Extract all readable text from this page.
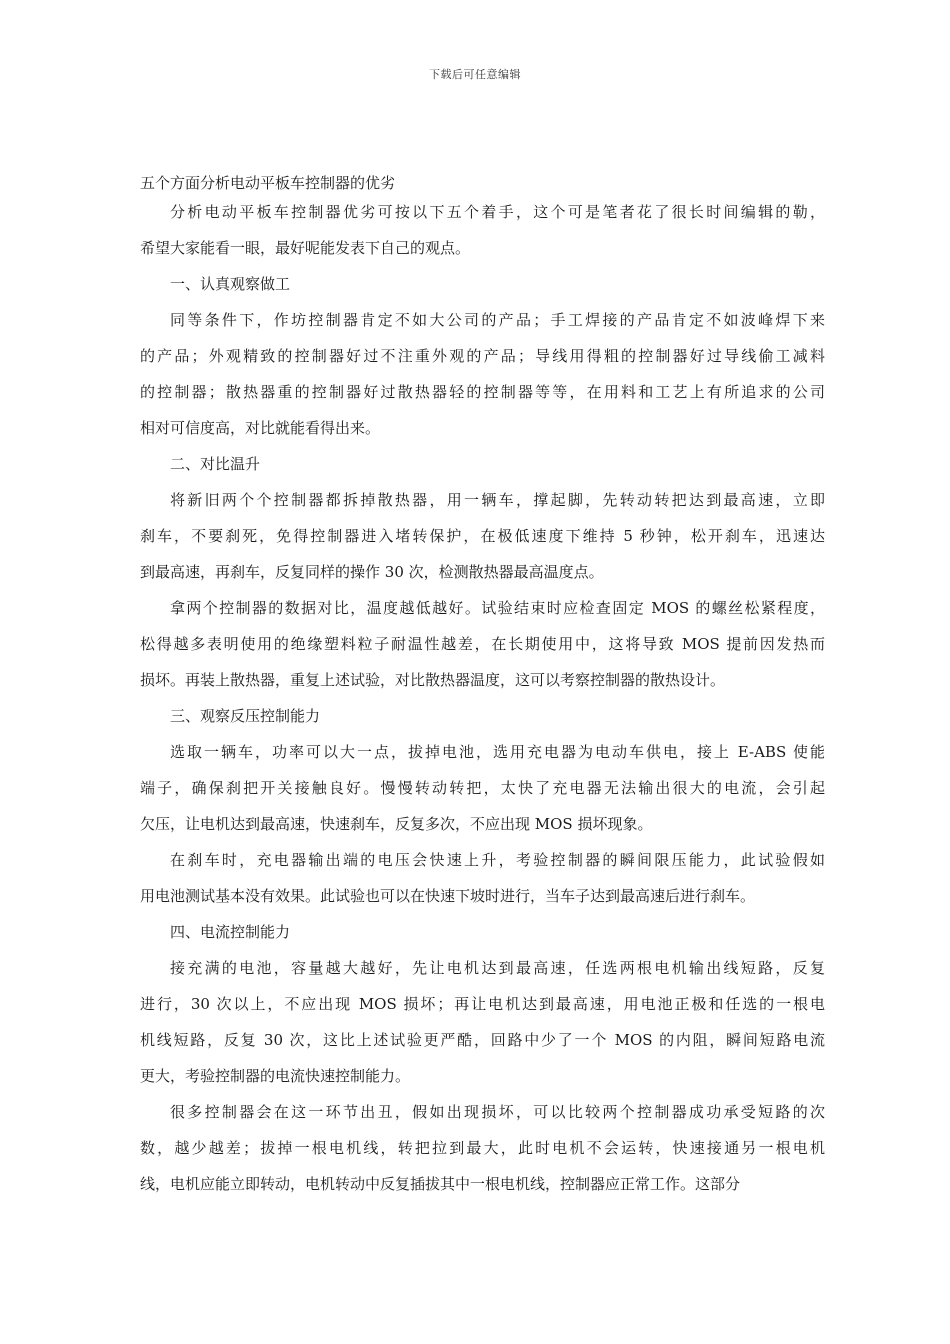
下载后可任意编辑
五个方面分析电动平板车控制器的优劣
分析电动平板车控制器优劣可按以下五个着手，这个可是笔者花了很长时间编辑的勒，
希望大家能看一眼，最好呢能发表下自己的观点。
一、认真观察做工
同等条件下，作坊控制器肯定不如大公司的产品；手工焊接的产品肯定不如波峰焊下来
的产品；外观精致的控制器好过不注重外观的产品；导线用得粗的控制器好过导线偷工减料
的控制器；散热器重的控制器好过散热器轻的控制器等等，在用料和工艺上有所追求的公司
相对可信度高，对比就能看得出来。
二、对比温升
将新旧两个个控制器都拆掉散热器，用一辆车，撑起脚，先转动转把达到最高速，立即
刹车，不要刹死，免得控制器进入堵转保护，在极低速度下维持 5 秒钟，松开刹车，迅速达
到最高速，再刹车，反复同样的操作 30 次，检测散热器最高温度点。
拿两个控制器的数据对比，温度越低越好。试验结束时应检查固定 MOS 的螺丝松紧程度，
松得越多表明使用的绝缘塑料粒子耐温性越差，在长期使用中，这将导致 MOS 提前因发热而
损坏。再装上散热器，重复上述试验，对比散热器温度，这可以考察控制器的散热设计。
三、观察反压控制能力
选取一辆车，功率可以大一点，拔掉电池，选用充电器为电动车供电，接上 E-ABS 使能
端子，确保刹把开关接触良好。慢慢转动转把，太快了充电器无法输出很大的电流，会引起
欠压，让电机达到最高速，快速刹车，反复多次，不应出现 MOS 损坏现象。
在刹车时，充电器输出端的电压会快速上升，考验控制器的瞬间限压能力，此试验假如
用电池测试基本没有效果。此试验也可以在快速下坡时进行，当车子达到最高速后进行刹车。
四、电流控制能力
接充满的电池，容量越大越好，先让电机达到最高速，任选两根电机输出线短路，反复
进行，30 次以上，不应出现 MOS 损坏；再让电机达到最高速，用电池正极和任选的一根电
机线短路，反复 30 次，这比上述试验更严酷，回路中少了一个 MOS 的内阻，瞬间短路电流
更大，考验控制器的电流快速控制能力。
很多控制器会在这一环节出丑，假如出现损坏，可以比较两个控制器成功承受短路的次
数，越少越差；拔掉一根电机线，转把拉到最大，此时电机不会运转，快速接通另一根电机
线，电机应能立即转动，电机转动中反复插拔其中一根电机线，控制器应正常工作。这部分
